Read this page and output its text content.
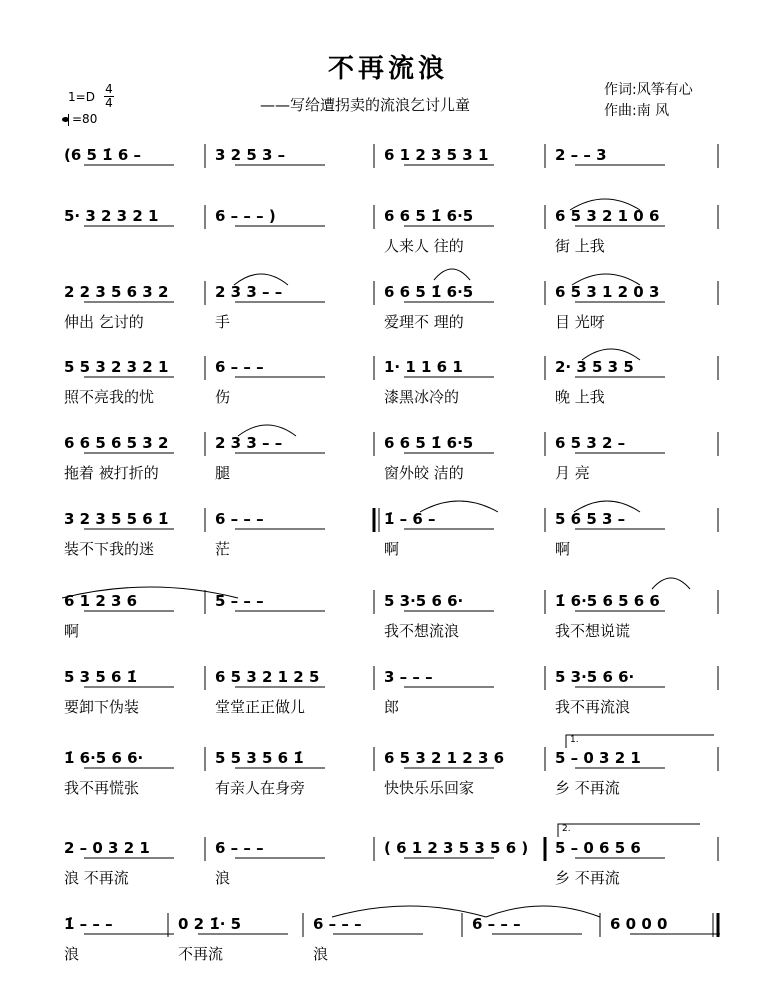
不再流浪
——写给遭拐卖的流浪乞讨儿童
作词:风筝有心
作曲:南 风
1=D
4
4
=80
(6 5 1̇ 6 –	3 2 5 3 –	6 1 2 3 5 3 1	2 – – 3
5· 3 2 3 2 1	6 – – – )	6 6 5 1̇ 6·5
人来人 往的
6 5 3 2 1 0 6
街 上我
2 2 3 5 6 3 2
伸出 乞讨的
2 3 3 – –
手
6 6 5 1̇ 6·5
爱理不 理的
6 5 3 1 2 0 3
目 光呀
5 5 3 2 3 2 1
照不亮我的忧
6 – – –
伤
1· 1 1 6 1
漆黑冰冷的
2· 3 5 3 5
晚 上我
6 6 5 6 5 3 2
拖着 被打折的
2 3 3 – –
腿
6 6 5 1̇ 6·5
窗外皎 洁的
6 5 3 2 –
月 亮
3 2 3 5 5 6 1̇
装不下我的迷
6 – – –
茫
1̇ – 6 –
啊
5 6 5 3 –
啊
6 1 2 3 6
啊
5 – – –	5 3·5 6 6·
我不想流浪
1̇ 6·5 6 5 6 6
我不想说谎
5 3 5 6 1̇
要卸下伪装
6 5 3 2 1 2 5
堂堂正正做儿
3 – – –
郎
5 3·5 6 6·
我不再流浪
1̇ 6·5 6 6·
我不再慌张
5 5 3 5 6 1̇
有亲人在身旁
6 5 3 2 1 2 3 6
快快乐乐回家
5 – 0 3 2 1
乡 不再流
2 – 0 3 2 1
浪 不再流
6 – – –
浪
( 6 1 2 3 5 3 5 6 ) 5 – 0 6 5 6
乡 不再流
1̇ – – –
浪
0 2 1̇· 5
不再流
6 – – –
浪
6 – – –	6 0 0 0
1.
2.
